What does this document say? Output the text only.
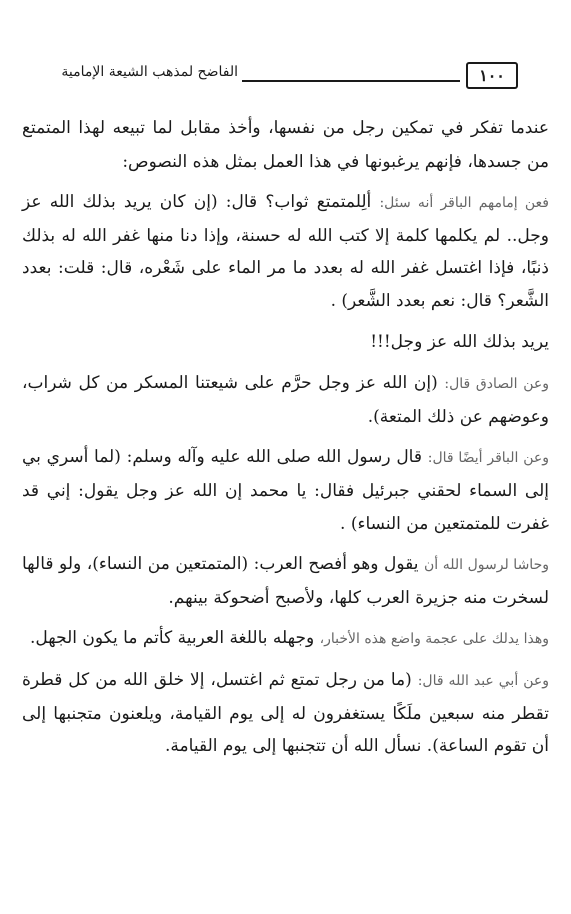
١٠٠
الفاضح لمذهب الشيعة الإمامية

عندما تفكر في تمكين رجل من نفسها، وأخذ مقابل لما تبيعه لهذا المتمتع من جسدها، فإنهم يرغبونها في هذا العمل بمثل هذه النصوص:

فعن إمامهم الباقر أنه سئل: ألِلمتمتع ثواب؟ قال: (إن كان يريد بذلك الله عز وجل.. لم يكلمها كلمة إلا كتب الله له حسنة، وإذا دنا منها غفر الله له بذلك ذنبًا، فإذا اغتسل غفر الله له بعدد ما مر الماء على شَعْره، قال: قلت: بعدد الشَّعر؟ قال: نعم بعدد الشَّعر) .

يريد بذلك الله عز وجل!!!

وعن الصادق قال: (إن الله عز وجل حرَّم على شيعتنا المسكر من كل شراب، وعوضهم عن ذلك المتعة).

وعن الباقر أيضًا قال: قال رسول الله صلى الله عليه وآله وسلم: (لما أسري بي إلى السماء لحقني جبرئيل فقال: يا محمد إن الله عز وجل يقول: إني قد غفرت للمتمتعين من النساء) .

وحاشا لرسول الله أن يقول وهو أفصح العرب: (المتمتعين من النساء)، ولو قالها لسخرت منه جزيرة العرب كلها، ولأصبح أضحوكة بينهم.

وهذا يدلك على عجمة واضع هذه الأخبار، وجهله باللغة العربية كأتم ما يكون الجهل.

وعن أبي عبد الله قال: (ما من رجل تمتع ثم اغتسل، إلا خلق الله من كل قطرة تقطر منه سبعين ملَكًا يستغفرون له إلى يوم القيامة، ويلعنون متجنبها إلى أن تقوم الساعة). نسأل الله أن تتجنبها إلى يوم القيامة.
